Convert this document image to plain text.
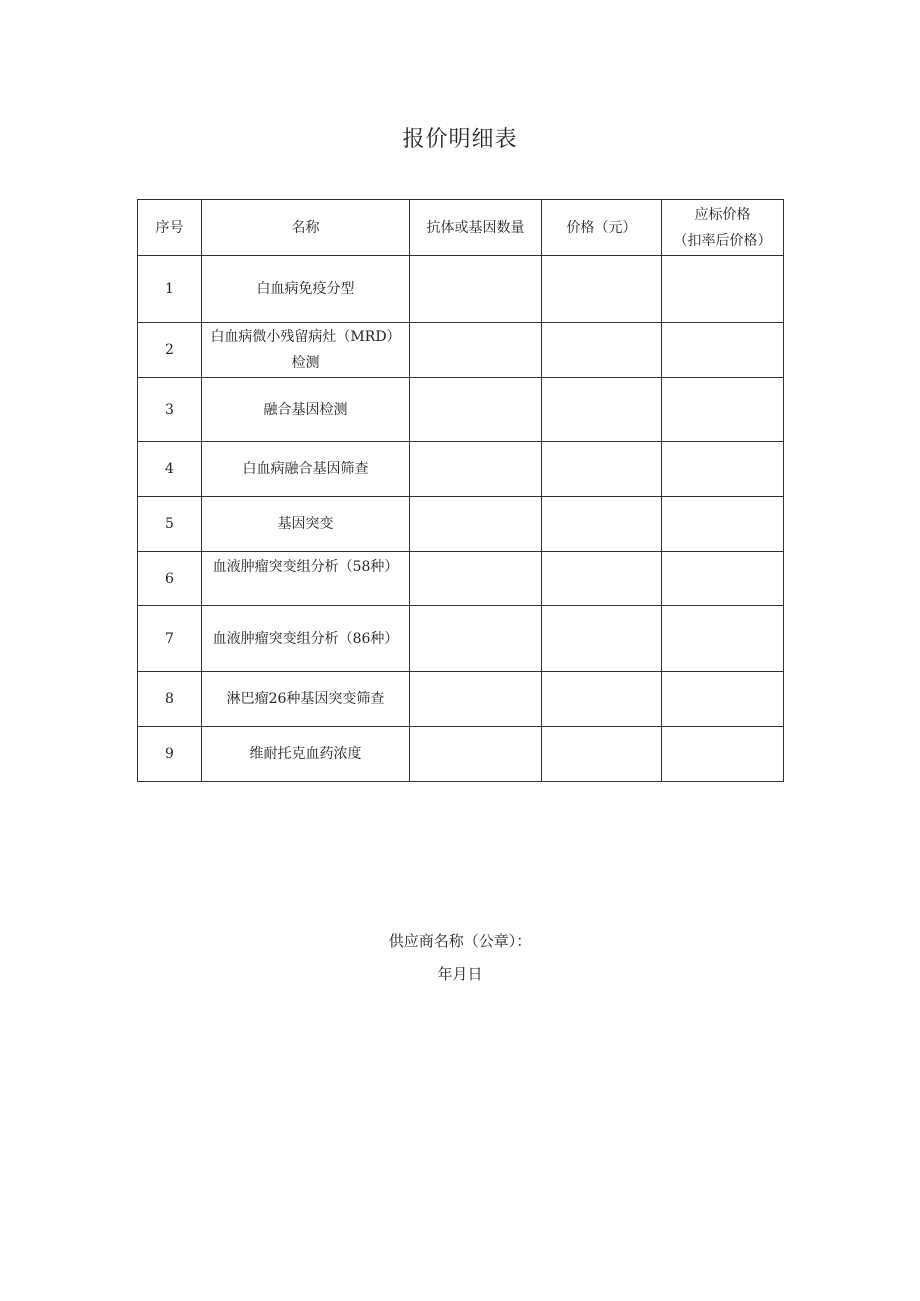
报价明细表
序号	名称	抗体或基因数量	价格（元）	应标价格
（扣率后价格）

1	白血病免疫分型			
2	白血病微小残留病灶（MRD）
检测			

3	融合基因检测			
4	白血病融合基因筛查			
5	基因突变			
6	血液肿瘤突变组分析（58种）			
7	血液肿瘤突变组分析（86种）			
8	淋巴瘤26种基因突变筛查			
9	维耐托克血药浓度			
供应商名称（公章）：
年月日
